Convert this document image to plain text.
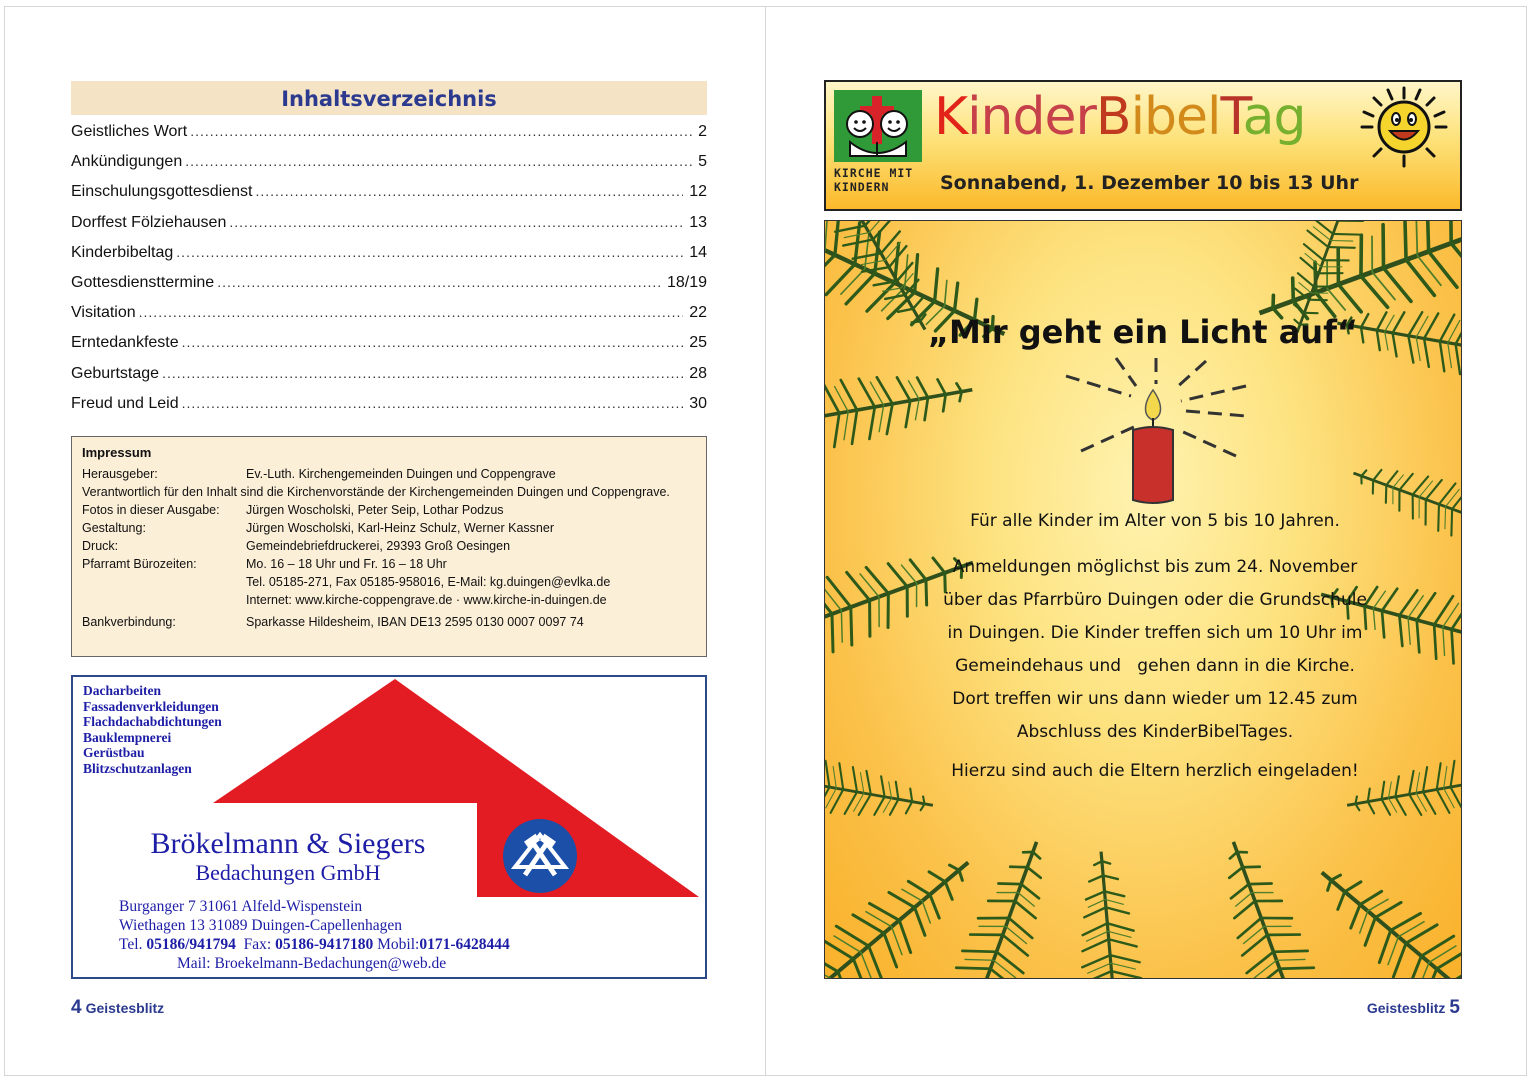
Inhaltsverzeichnis
Geistliches Wort .....	2
Ankündigungen .....	5
Einschulungsgottesdienst .....	12
Dorffest Fölziehausen .....	13
Kinderbibeltag .....	14
Gottesdiensttermine .....	18/19
Visitation .....	22
Erntedankfeste .....	25
Geburtstage .....	28
Freud und Leid .....	30
Impressum
Herausgeber:	Ev.-Luth. Kirchengemeinden Duingen und Coppengrave
Verantwortlich für den Inhalt sind die Kirchenvorstände der Kirchengemeinden Duingen und Coppengrave.
Fotos in dieser Ausgabe:	Jürgen Woscholski, Peter Seip, Lothar Podzus
Gestaltung:	Jürgen Woscholski, Karl-Heinz Schulz, Werner Kassner
Druck:	Gemeindebriefdruckerei, 29393 Groß Oesingen
Pfarramt Bürozeiten:	Mo. 16 – 18 Uhr und Fr. 16 – 18 Uhr
Tel. 05185-271, Fax 05185-958016, E-Mail: kg.duingen@evlka.de
Internet: www.kirche-coppengrave.de · www.kirche-in-duingen.de
Bankverbindung:	Sparkasse Hildesheim, IBAN DE13 2595 0130 0007 0097 74
Dacharbeiten
Fassadenverkleidungen
Flachdachabdichtungen
Bauklempnerei
Gerüstbau
Blitzschutzanlagen
Brökelmann & Siegers
Bedachungen GmbH
Burganger 7 31061 Alfeld-Wispenstein
Wiethagen 13 31089 Duingen-Capellenhagen
Tel. 05186/941794 Fax: 05186-9417180 Mobil:0171-6428444
Mail: Broekelmann-Bedachungen@web.de
4 Geistesblitz
KIRCHE MIT
KINDERN
KinderBibelTag
Sonnabend, 1. Dezember 10 bis 13 Uhr
„Mir geht ein Licht auf“
Für alle Kinder im Alter von 5 bis 10 Jahren.
Anmeldungen möglichst bis zum 24. November
über das Pfarrbüro Duingen oder die Grundschule
in Duingen. Die Kinder treffen sich um 10 Uhr im
Gemeindehaus und   gehen dann in die Kirche.
Dort treffen wir uns dann wieder um 12.45 zum
Abschluss des KinderBibelTages.
Hierzu sind auch die Eltern herzlich eingeladen!
Geistesblitz 5
